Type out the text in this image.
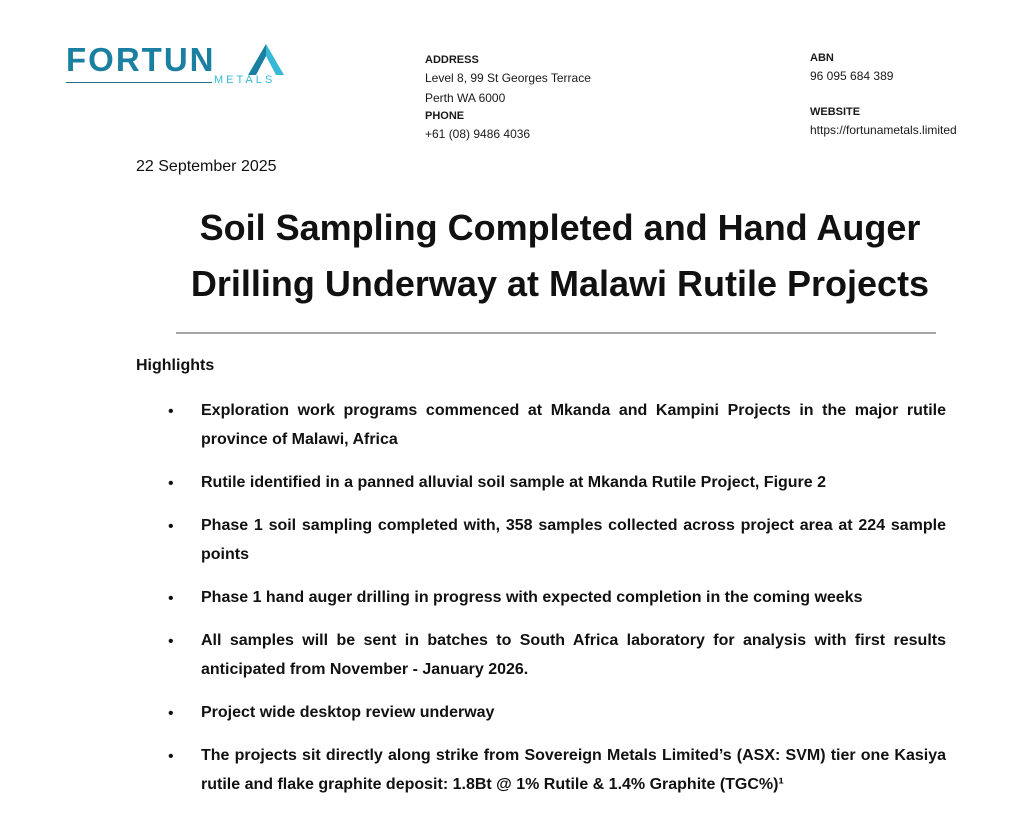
FORTUN
METALS
ADDRESS
Level 8, 99 St Georges Terrace
Perth WA 6000
PHONE
+61 (08) 9486 4036
ABN
96 095 684 389
WEBSITE
https://fortunametals.limited
22 September 2025
Soil Sampling Completed and Hand Auger
Drilling Underway at Malawi Rutile Projects
Highlights
•	Exploration work programs commenced at Mkanda and Kampini Projects in the major rutile province of Malawi, Africa
•	Rutile identified in a panned alluvial soil sample at Mkanda Rutile Project, Figure 2
•	Phase 1 soil sampling completed with, 358 samples collected across project area at 224 sample points
•	Phase 1 hand auger drilling in progress with expected completion in the coming weeks
•	All samples will be sent in batches to South Africa laboratory for analysis with first results anticipated from November - January 2026.
•	Project wide desktop review underway
•	The projects sit directly along strike from Sovereign Metals Limited’s (ASX: SVM) tier one Kasiya rutile and flake graphite deposit: 1.8Bt @ 1% Rutile & 1.4% Graphite (TGC%)¹
